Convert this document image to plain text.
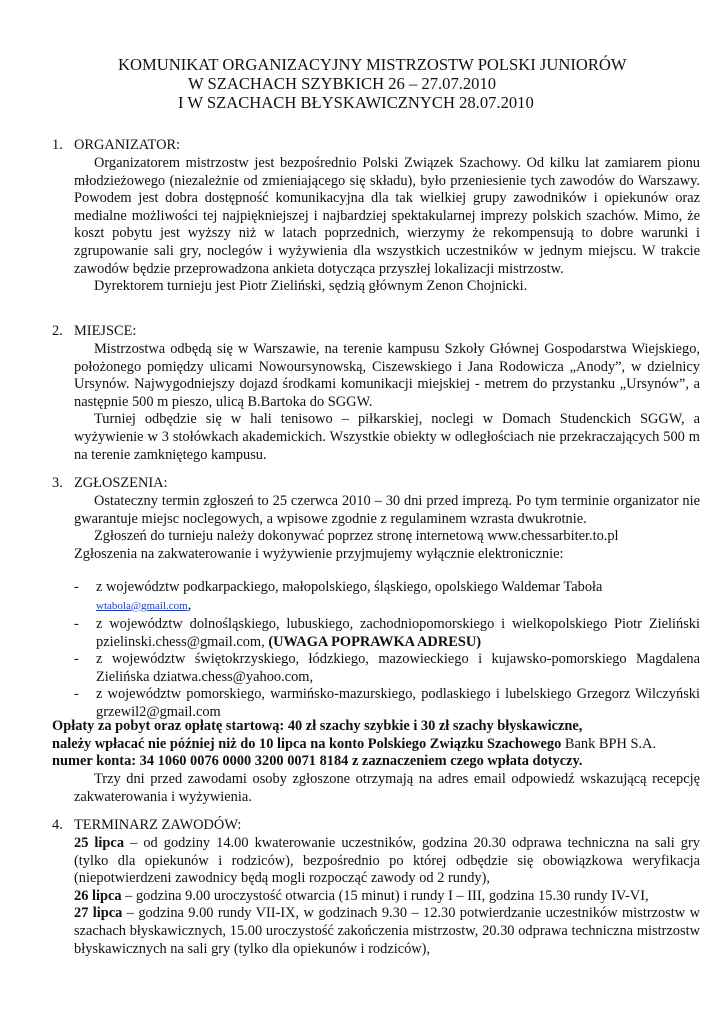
KOMUNIKAT ORGANIZACYJNY MISTRZOSTW POLSKI JUNIORÓW
W SZACHACH SZYBKICH 26 – 27.07.2010
I W SZACHACH BŁYSKAWICZNYCH 28.07.2010
1. ORGANIZATOR:

Organizatorem mistrzostw jest bezpośrednio Polski Związek Szachowy. Od kilku lat zamiarem pionu młodzieżowego (niezależnie od zmieniającego się składu), było przeniesienie tych zawodów do Warszawy. Powodem jest dobra dostępność komunikacyjna dla tak wielkiej grupy zawodników i opiekunów oraz medialne możliwości tej najpiękniejszej i najbardziej spektakularnej imprezy polskich szachów. Mimo, że koszt pobytu jest wyższy niż w latach poprzednich, wierzymy że rekompensują to dobre warunki i zgrupowanie sali gry, noclegów i wyżywienia dla wszystkich uczestników w jednym miejscu. W trakcie zawodów będzie przeprowadzona ankieta dotycząca przyszłej lokalizacji mistrzostw.

Dyrektorem turnieju jest Piotr Zieliński, sędzią głównym Zenon Chojnicki.

2. MIEJSCE:

Mistrzostwa odbędą się w Warszawie, na terenie kampusu Szkoły Głównej Gospodarstwa Wiejskiego, położonego pomiędzy ulicami Nowoursynowską, Ciszewskiego i Jana Rodowicza „Anody”, w dzielnicy Ursynów. Najwygodniejszy dojazd środkami komunikacji miejskiej - metrem do przystanku „Ursynów”, a następnie 500 m pieszo, ulicą B.Bartoka do SGGW.

Turniej odbędzie się w hali tenisowo – piłkarskiej, noclegi w Domach Studenckich SGGW, a wyżywienie w 3 stołówkach akademickich. Wszystkie obiekty w odległościach nie przekraczających 500 m na terenie zamkniętego kampusu.

3. ZGŁOSZENIA:

Ostateczny termin zgłoszeń to 25 czerwca 2010 – 30 dni przed imprezą. Po tym terminie organizator nie gwarantuje miejsc noclegowych, a wpisowe zgodnie z regulaminem wzrasta dwukrotnie.

Zgłoszeń do turnieju należy dokonywać poprzez stronę internetową www.chessarbiter.to.pl

Zgłoszenia na zakwaterowanie i wyżywienie przyjmujemy wyłącznie elektronicznie:

- z województw podkarpackiego, małopolskiego, śląskiego, opolskiego Waldemar Taboła
wtabola@gmail.com,
- z województw dolnośląskiego, lubuskiego, zachodniopomorskiego i wielkopolskiego Piotr Zieliński pzielinski.chess@gmail.com, (UWAGA POPRAWKA ADRESU)
- z województw świętokrzyskiego, łódzkiego, mazowieckiego i kujawsko-pomorskiego Magdalena Zielińska dziatwa.chess@yahoo.com,
- z województw pomorskiego, warmińsko-mazurskiego, podlaskiego i lubelskiego Grzegorz Wilczyński grzewil2@gmail.com

Opłaty za pobyt oraz opłatę startową: 40 zł szachy szybkie i 30 zł szachy błyskawiczne,

należy wpłacać nie później niż do 10 lipca na konto Polskiego Związku Szachowego Bank BPH S.A.

numer konta: 34 1060 0076 0000 3200 0071 8184 z zaznaczeniem czego wpłata dotyczy.

Trzy dni przed zawodami osoby zgłoszone otrzymają na adres email odpowiedź wskazującą recepcję zakwaterowania i wyżywienia.

4. TERMINARZ ZAWODÓW:

25 lipca – od godziny 14.00 kwaterowanie uczestników, godzina 20.30 odprawa techniczna na sali gry (tylko dla opiekunów i rodziców), bezpośrednio po której odbędzie się obowiązkowa weryfikacja (niepotwierdzeni zawodnicy będą mogli rozpocząć zawody od 2 rundy),

26 lipca – godzina 9.00 uroczystość otwarcia (15 minut) i rundy I – III, godzina 15.30 rundy IV-VI,

27 lipca – godzina 9.00 rundy VII-IX, w godzinach 9.30 – 12.30 potwierdzanie uczestników mistrzostw w szachach błyskawicznych, 15.00 uroczystość zakończenia mistrzostw, 20.30 odprawa techniczna mistrzostw błyskawicznych na sali gry (tylko dla opiekunów i rodziców),
